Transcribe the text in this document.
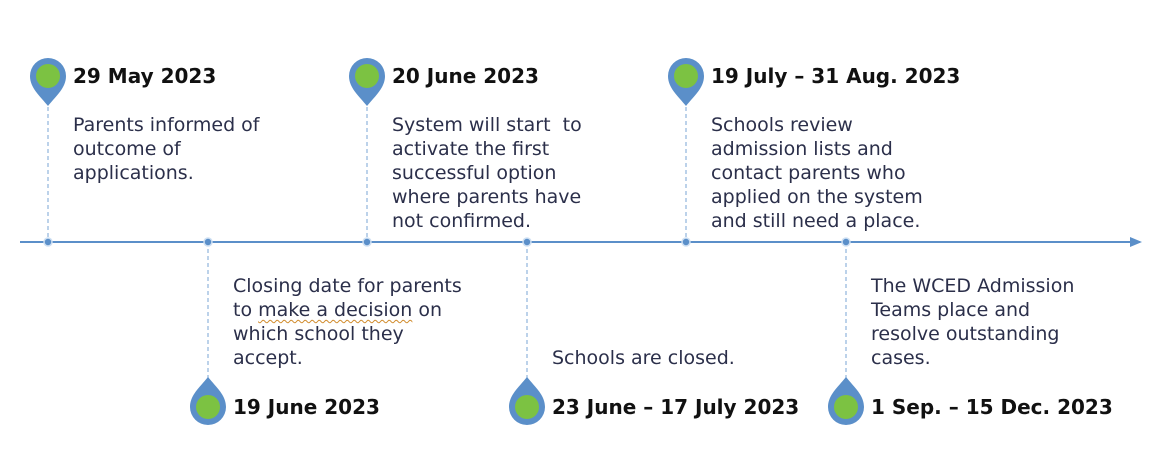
29 May 2023
Parents informed of
outcome of
applications.
Closing date for parents
to make a decision on
which school they
accept.
19 June 2023
20 June 2023
System will start  to
activate the first
successful option
where parents have
not confirmed.
Schools are closed.
23 June – 17 July 2023
19 July – 31 Aug. 2023
Schools review
admission lists and
contact parents who
applied on the system
and still need a place.
The WCED Admission
Teams place and
resolve outstanding
cases.
1 Sep. – 15 Dec. 2023
